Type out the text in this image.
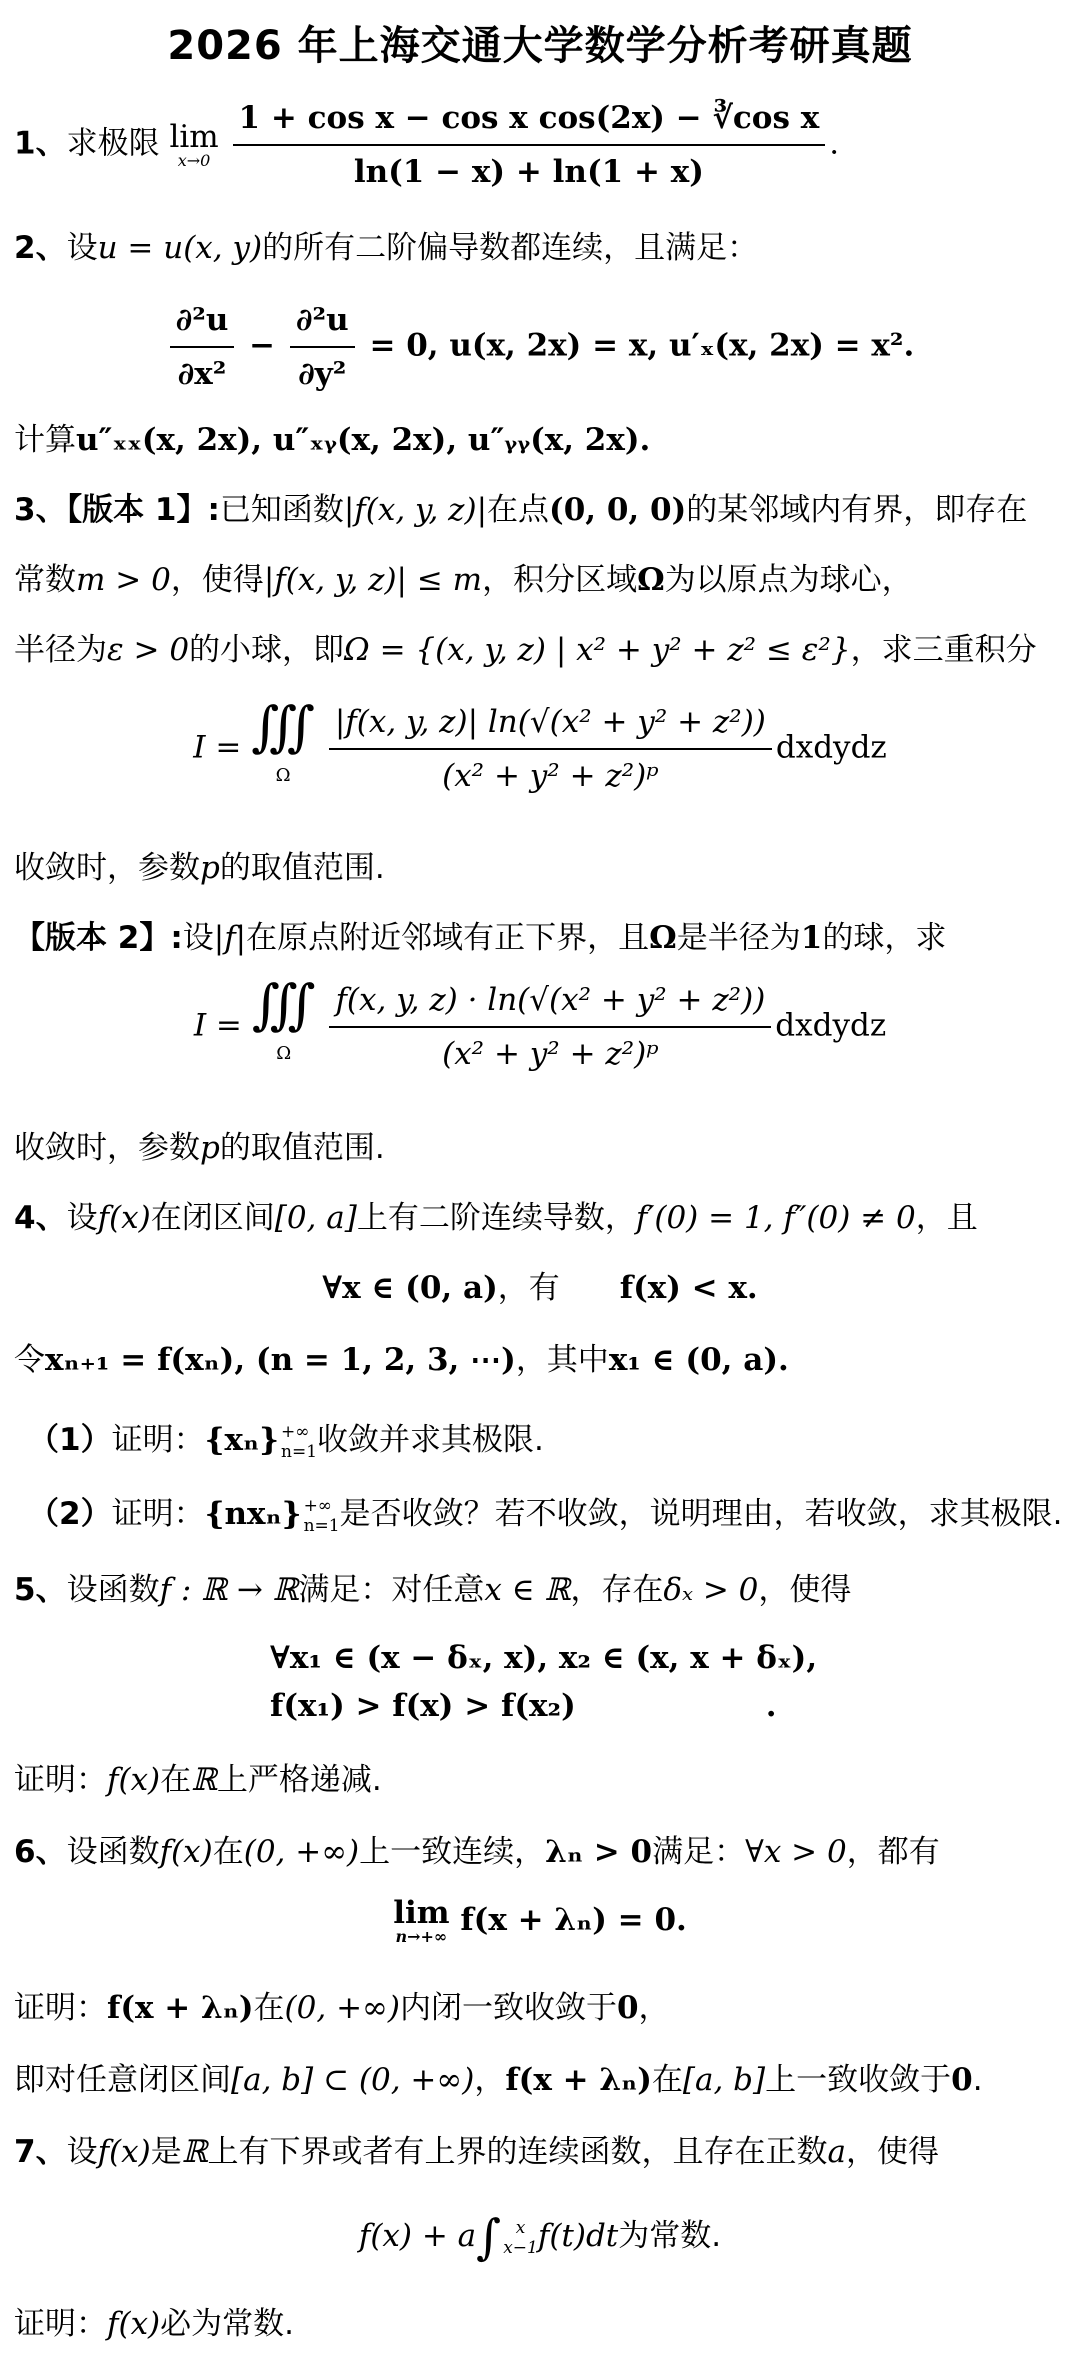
2026 年上海交通大学数学分析考研真题
1、求极限 lim
x→0
$\frac{\text{1 + cos x − cos x cos(2x) − ∛cos x}}{\ln(1 - x) + \ln(1 + x)}$ .
2、设u = u(x, y)的所有二阶偏导数都连续，且满足：
$\frac{\text{∂²u}}{\text{∂x²}} - \frac{\text{∂²u}}{\text{∂y²}} = 0$, u(x, 2x) = x, u′ₓ(x, 2x) = x².
计算u″ₓₓ(x, 2x), u″ₓᵧ(x, 2x), u″ᵧᵧ(x, 2x).
3、【版本 1】:已知函数|f(x, y, z)|在点(0, 0, 0)的某邻域内有界，即存在
常数m > 0，使得|f(x, y, z)| ≤ m，积分区域Ω为以原点为球心，
半径为ε > 0的小球，即Ω = {(x, y, z) | x² + y² + z² ≤ ε²}，求三重积分
I = ∭
Ω
$\frac{\text{|f(x, y, z)| ln(√(x² + y² + z²))}}{\text{(x² + y² + z²)ᵖ}}$ dxdydz
收敛时，参数p的取值范围.
【版本 2】:设|f|在原点附近邻域有正下界，且Ω是半径为1的球，求
I = ∭
Ω
$\frac{\text{f(x, y, z) · ln(√(x² + y² + z²))}}{\text{(x² + y² + z²)ᵖ}}$ dxdydz
收敛时，参数p的取值范围.
4、设f(x)在闭区间[0, a]上有二阶连续导数，f′(0) = 1, f″(0) ≠ 0，且
∀x ∈ (0, a)，有 f(x) < x.
令xₙ₊₁ = f(xₙ), (n = 1, 2, 3, ⋯)，其中x₁ ∈ (0, a).
（1）证明：{xₙ} +∞
n=1 收敛并求其极限.
（2）证明：{nxₙ} +∞
n=1 是否收敛？若不收敛，说明理由，若收敛，求其极限.
5、设函数f : ℝ → ℝ满足：对任意x ∈ ℝ，存在δₓ > 0，使得
∀x₁ ∈ (x − δₓ, x), x₂ ∈ (x, x + δₓ),
f(x₁) > f(x) > f(x₂)	.
证明：f(x)在ℝ上严格递减.
6、设函数f(x)在(0, +∞)上一致连续，λₙ > 0满足：∀x > 0，都有
lim
n→+∞ f(x + λₙ) = 0.
证明：f(x + λₙ)在(0, +∞)内闭一致收敛于0，
即对任意闭区间[a, b] ⊂ (0, +∞)，f(x + λₙ)在[a, b]上一致收敛于0.
7、设f(x)是ℝ上有下界或者有上界的连续函数，且存在正数a，使得
f(x) + a∫ x
x−1 f(t)dt为常数.
证明：f(x)必为常数.
